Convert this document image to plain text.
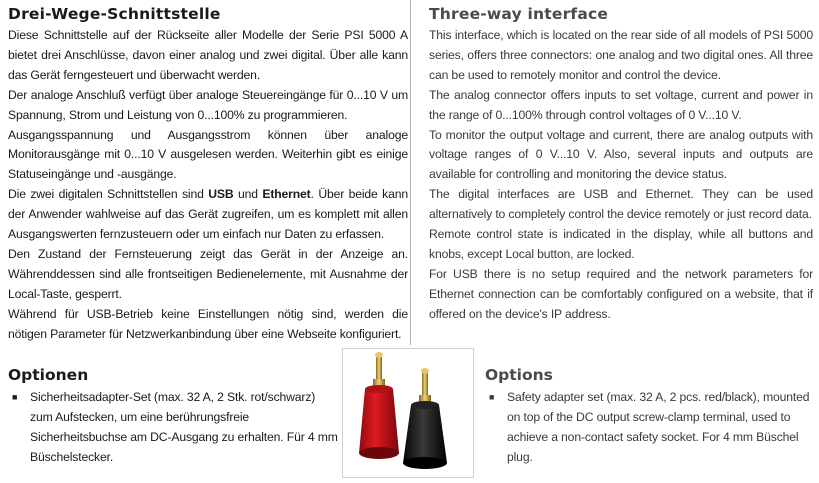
Drei-Wege-Schnittstelle

Diese Schnittstelle auf der Rückseite aller Modelle der Serie PSI 5000 A bietet drei Anschlüsse, davon einer analog und zwei digital. Über alle kann das Gerät ferngesteuert und überwacht werden.

Der analoge Anschluß verfügt über analoge Steuereingänge für 0...10 V um Spannung, Strom und Leistung von 0...100% zu programmieren.

Ausgangsspannung und Ausgangsstrom können über analoge Monitorausgänge mit 0...10 V ausgelesen werden. Weiterhin gibt es einige Statuseingänge und -ausgänge.

Die zwei digitalen Schnittstellen sind USB und Ethernet. Über beide kann der Anwender wahlweise auf das Gerät zugreifen, um es komplett mit allen Ausgangswerten fernzusteuern oder um einfach nur Daten zu erfassen.

Den Zustand der Fernsteuerung zeigt das Gerät in der Anzeige an. Währenddessen sind alle frontseitigen Bedienelemente, mit Ausnahme der Local-Taste, gesperrt.

Während für USB-Betrieb keine Einstellungen nötig sind, werden die nötigen Parameter für Netzwerkanbindung über eine Webseite konfiguriert.

Three-way interface

This interface, which is located on the rear side of all models of PSI 5000 series, offers three connectors: one analog and two digital ones. All three can be used to remotely monitor and control the device.

The analog connector offers inputs to set voltage, current and power in the range of 0...100% through control voltages of 0 V...10 V.

To monitor the output voltage and current, there are analog outputs with voltage ranges of 0 V...10 V. Also, several inputs and outputs are available for controlling and monitoring the device status.

The digital interfaces are USB and Ethernet. They can be used alternatively to completely control the device remotely or just record data.

Remote control state is indicated in the display, while all buttons and knobs, except Local button, are locked.

For USB there is no setup required and the network parameters for Ethernet connection can be comfortably configured on a website, that if offered on the device's IP address.

Optionen
■	Sicherheitsadapter-Set (max. 32 A, 2 Stk. rot/schwarz) zum Aufstecken, um eine berührungsfreie Sicherheitsbuchse am DC-Ausgang zu erhalten. Für 4 mm Büschelstecker.
Options
■	Safety adapter set (max. 32 A, 2 pcs. red/black), mounted on top of the DC output screw-clamp terminal, used to achieve a non-contact safety socket. For 4 mm Büschel plug.
